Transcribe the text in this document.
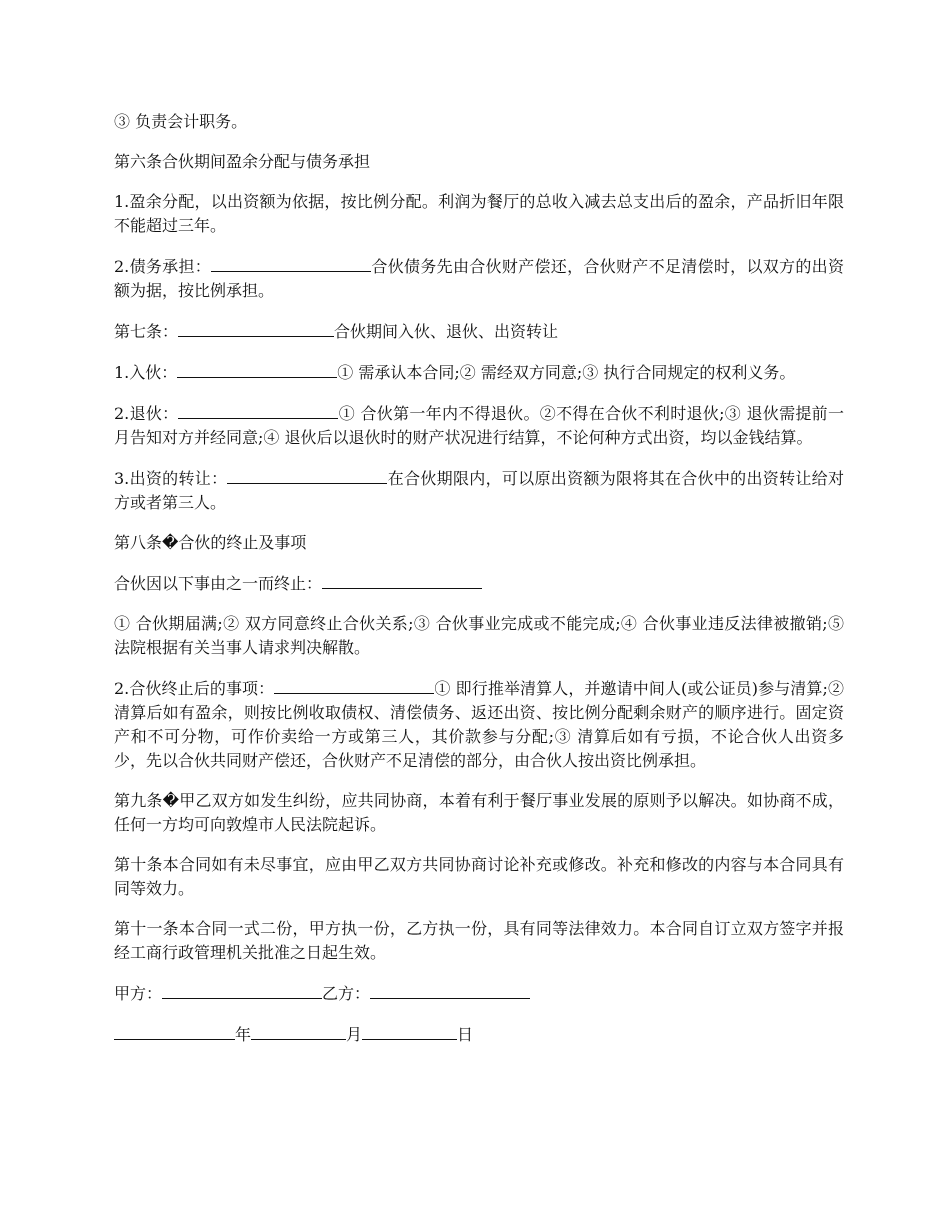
③ 负责会计职务。

第六条合伙期间盈余分配与债务承担

1.盈余分配，以出资额为依据，按比例分配。利润为餐厅的总收入减去总支出后的盈余，产品折旧年限不能超过三年。

2.债务承担：	合伙债务先由合伙财产偿还，合伙财产不足清偿时，以双方的出资额为据，按比例承担。

第七条：	合伙期间入伙、退伙、出资转让

1.入伙：	① 需承认本合同;② 需经双方同意;③ 执行合同规定的权利义务。

2.退伙：	① 合伙第一年内不得退伙。②不得在合伙不利时退伙;③ 退伙需提前一月告知对方并经同意;④ 退伙后以退伙时的财产状况进行结算，不论何种方式出资，均以金钱结算。

3.出资的转让：	在合伙期限内，可以原出资额为限将其在合伙中的出资转让给对方或者第三人。

第八条�合伙的终止及事项

合伙因以下事由之一而终止：

① 合伙期届满;② 双方同意终止合伙关系;③ 合伙事业完成或不能完成;④ 合伙事业违反法律被撤销;⑤ 法院根据有关当事人请求判决解散。

2.合伙终止后的事项：	① 即行推举清算人，并邀请中间人(或公证员)参与清算;② 清算后如有盈余，则按比例收取债权、清偿债务、返还出资、按比例分配剩余财产的顺序进行。固定资产和不可分物，可作价卖给一方或第三人，其价款参与分配;③ 清算后如有亏损，不论合伙人出资多少，先以合伙共同财产偿还，合伙财产不足清偿的部分，由合伙人按出资比例承担。

第九条�甲乙双方如发生纠纷，应共同协商，本着有利于餐厅事业发展的原则予以解决。如协商不成，任何一方均可向敦煌市人民法院起诉。

第十条本合同如有未尽事宜，应由甲乙双方共同协商讨论补充或修改。补充和修改的内容与本合同具有同等效力。

第十一条本合同一式二份，甲方执一份，乙方执一份，具有同等法律效力。本合同自订立双方签字并报经工商行政管理机关批准之日起生效。

甲方：	乙方：

年	月	日
